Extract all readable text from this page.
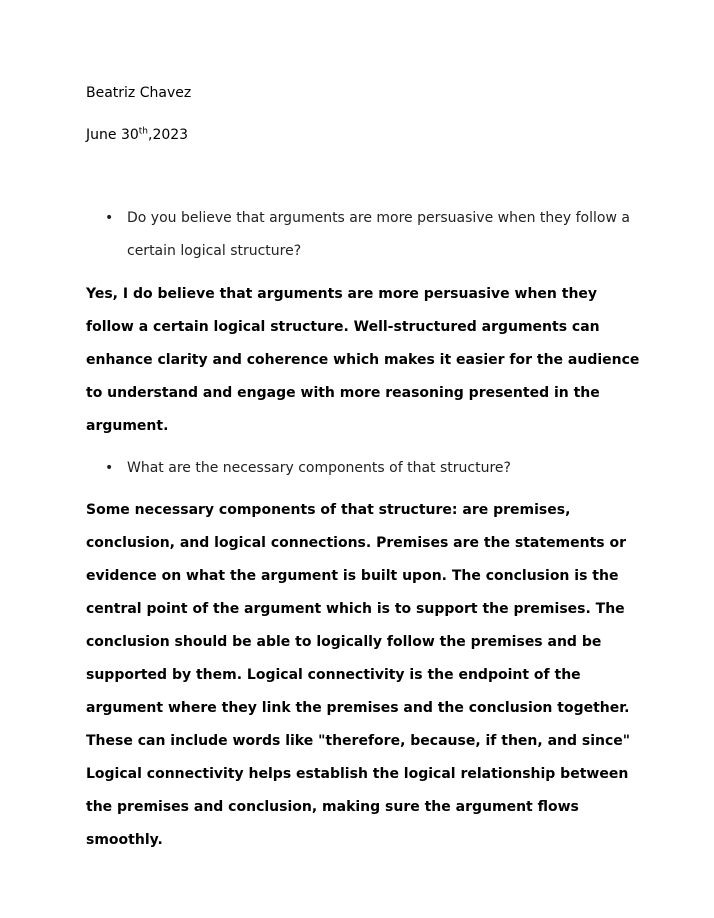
Beatriz Chavez
June 30th,2023
• Do you believe that arguments are more persuasive when they follow a certain logical structure?
Yes, I do believe that arguments are more persuasive when they follow a certain logical structure. Well-structured arguments can enhance clarity and coherence which makes it easier for the audience to understand and engage with more reasoning presented in the argument.
• What are the necessary components of that structure?
Some necessary components of that structure: are premises, conclusion, and logical connections. Premises are the statements or evidence on what the argument is built upon. The conclusion is the central point of the argument which is to support the premises. The conclusion should be able to logically follow the premises and be supported by them. Logical connectivity is the endpoint of the argument where they link the premises and the conclusion together. These can include words like "therefore, because, if then, and since" Logical connectivity helps establish the logical relationship between the premises and conclusion, making sure the argument flows smoothly.
